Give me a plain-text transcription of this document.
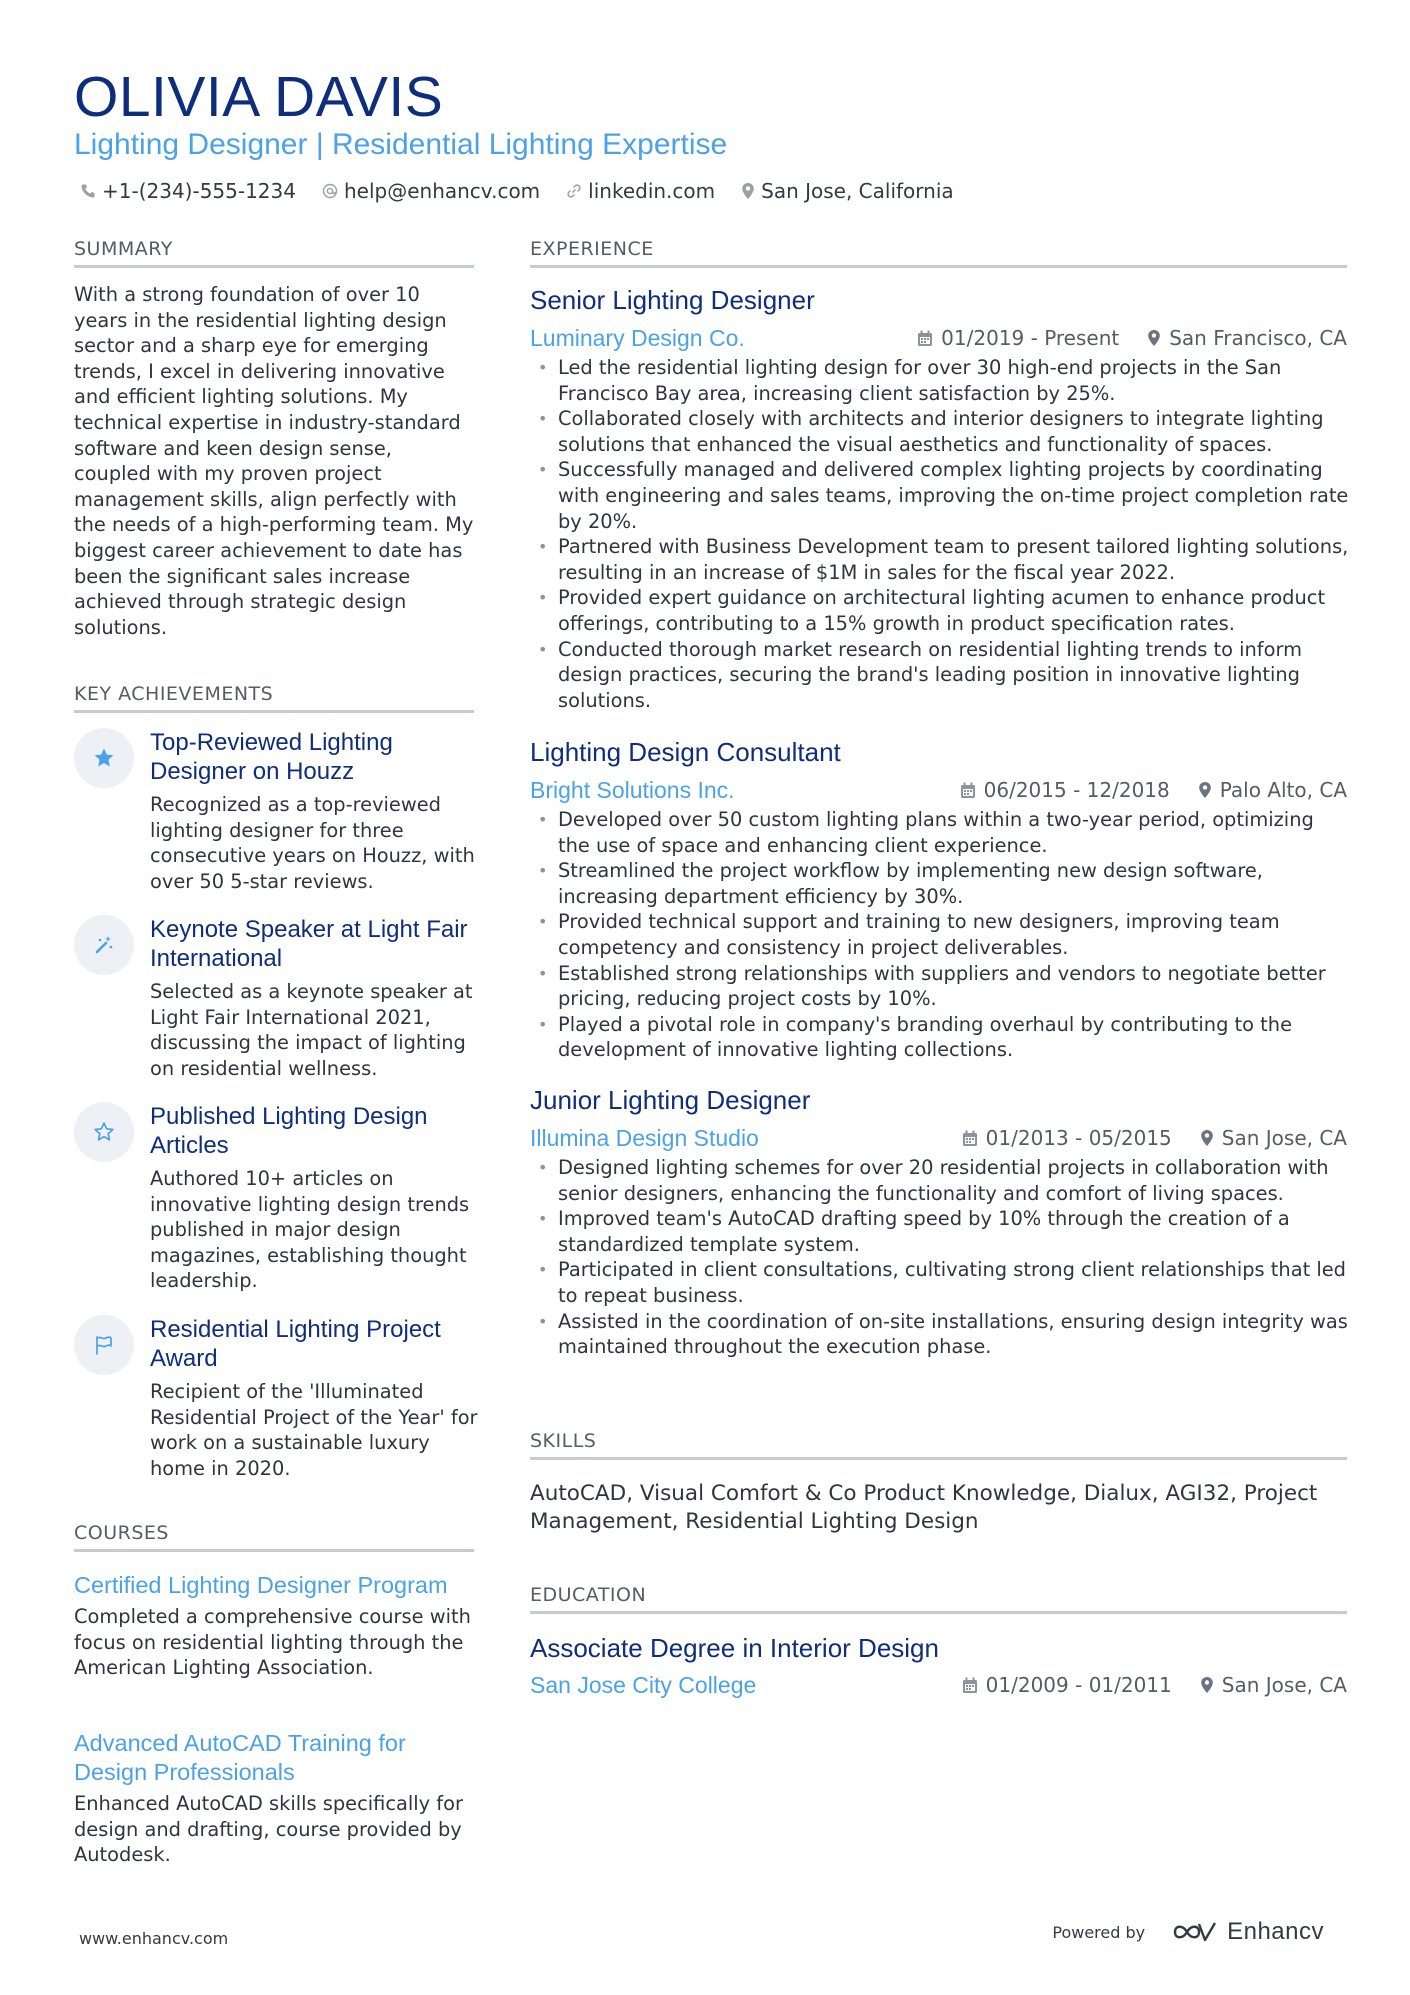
OLIVIA DAVIS
Lighting Designer | Residential Lighting Expertise
+1-(234)-555-1234 help@enhancv.com linkedin.com San Jose, California
SUMMARY
With a strong foundation of over 10 years in the residential lighting design sector and a sharp eye for emerging trends, I excel in delivering innovative and efficient lighting solutions. My technical expertise in industry-standard software and keen design sense, coupled with my proven project management skills, align perfectly with the needs of a high-performing team. My biggest career achievement to date has been the significant sales increase achieved through strategic design solutions.
KEY ACHIEVEMENTS
Top-Reviewed Lighting Designer on Houzz
Recognized as a top-reviewed lighting designer for three consecutive years on Houzz, with over 50 5-star reviews.
Keynote Speaker at Light Fair International
Selected as a keynote speaker at Light Fair International 2021, discussing the impact of lighting on residential wellness.
Published Lighting Design Articles
Authored 10+ articles on innovative lighting design trends published in major design magazines, establishing thought leadership.
Residential Lighting Project Award
Recipient of the 'Illuminated Residential Project of the Year' for work on a sustainable luxury home in 2020.
COURSES
Certified Lighting Designer Program
Completed a comprehensive course with focus on residential lighting through the American Lighting Association.
Advanced AutoCAD Training for Design Professionals
Enhanced AutoCAD skills specifically for design and drafting, course provided by Autodesk.
EXPERIENCE
Senior Lighting Designer
Luminary Design Co.	01/2019 - Present	San Francisco, CA
• Led the residential lighting design for over 30 high-end projects in the San Francisco Bay area, increasing client satisfaction by 25%.
• Collaborated closely with architects and interior designers to integrate lighting solutions that enhanced the visual aesthetics and functionality of spaces.
• Successfully managed and delivered complex lighting projects by coordinating with engineering and sales teams, improving the on-time project completion rate by 20%.
• Partnered with Business Development team to present tailored lighting solutions, resulting in an increase of $1M in sales for the fiscal year 2022.
• Provided expert guidance on architectural lighting acumen to enhance product offerings, contributing to a 15% growth in product specification rates.
• Conducted thorough market research on residential lighting trends to inform design practices, securing the brand's leading position in innovative lighting solutions.
Lighting Design Consultant
Bright Solutions Inc.	06/2015 - 12/2018	Palo Alto, CA
• Developed over 50 custom lighting plans within a two-year period, optimizing the use of space and enhancing client experience.
• Streamlined the project workflow by implementing new design software, increasing department efficiency by 30%.
• Provided technical support and training to new designers, improving team competency and consistency in project deliverables.
• Established strong relationships with suppliers and vendors to negotiate better pricing, reducing project costs by 10%.
• Played a pivotal role in company's branding overhaul by contributing to the development of innovative lighting collections.
Junior Lighting Designer
Illumina Design Studio	01/2013 - 05/2015	San Jose, CA
• Designed lighting schemes for over 20 residential projects in collaboration with senior designers, enhancing the functionality and comfort of living spaces.
• Improved team's AutoCAD drafting speed by 10% through the creation of a standardized template system.
• Participated in client consultations, cultivating strong client relationships that led to repeat business.
• Assisted in the coordination of on-site installations, ensuring design integrity was maintained throughout the execution phase.
SKILLS
AutoCAD, Visual Comfort & Co Product Knowledge, Dialux, AGI32, Project Management, Residential Lighting Design
EDUCATION
Associate Degree in Interior Design
San Jose City College	01/2009 - 01/2011	San Jose, CA
www.enhancv.com	Powered by	Enhancv
